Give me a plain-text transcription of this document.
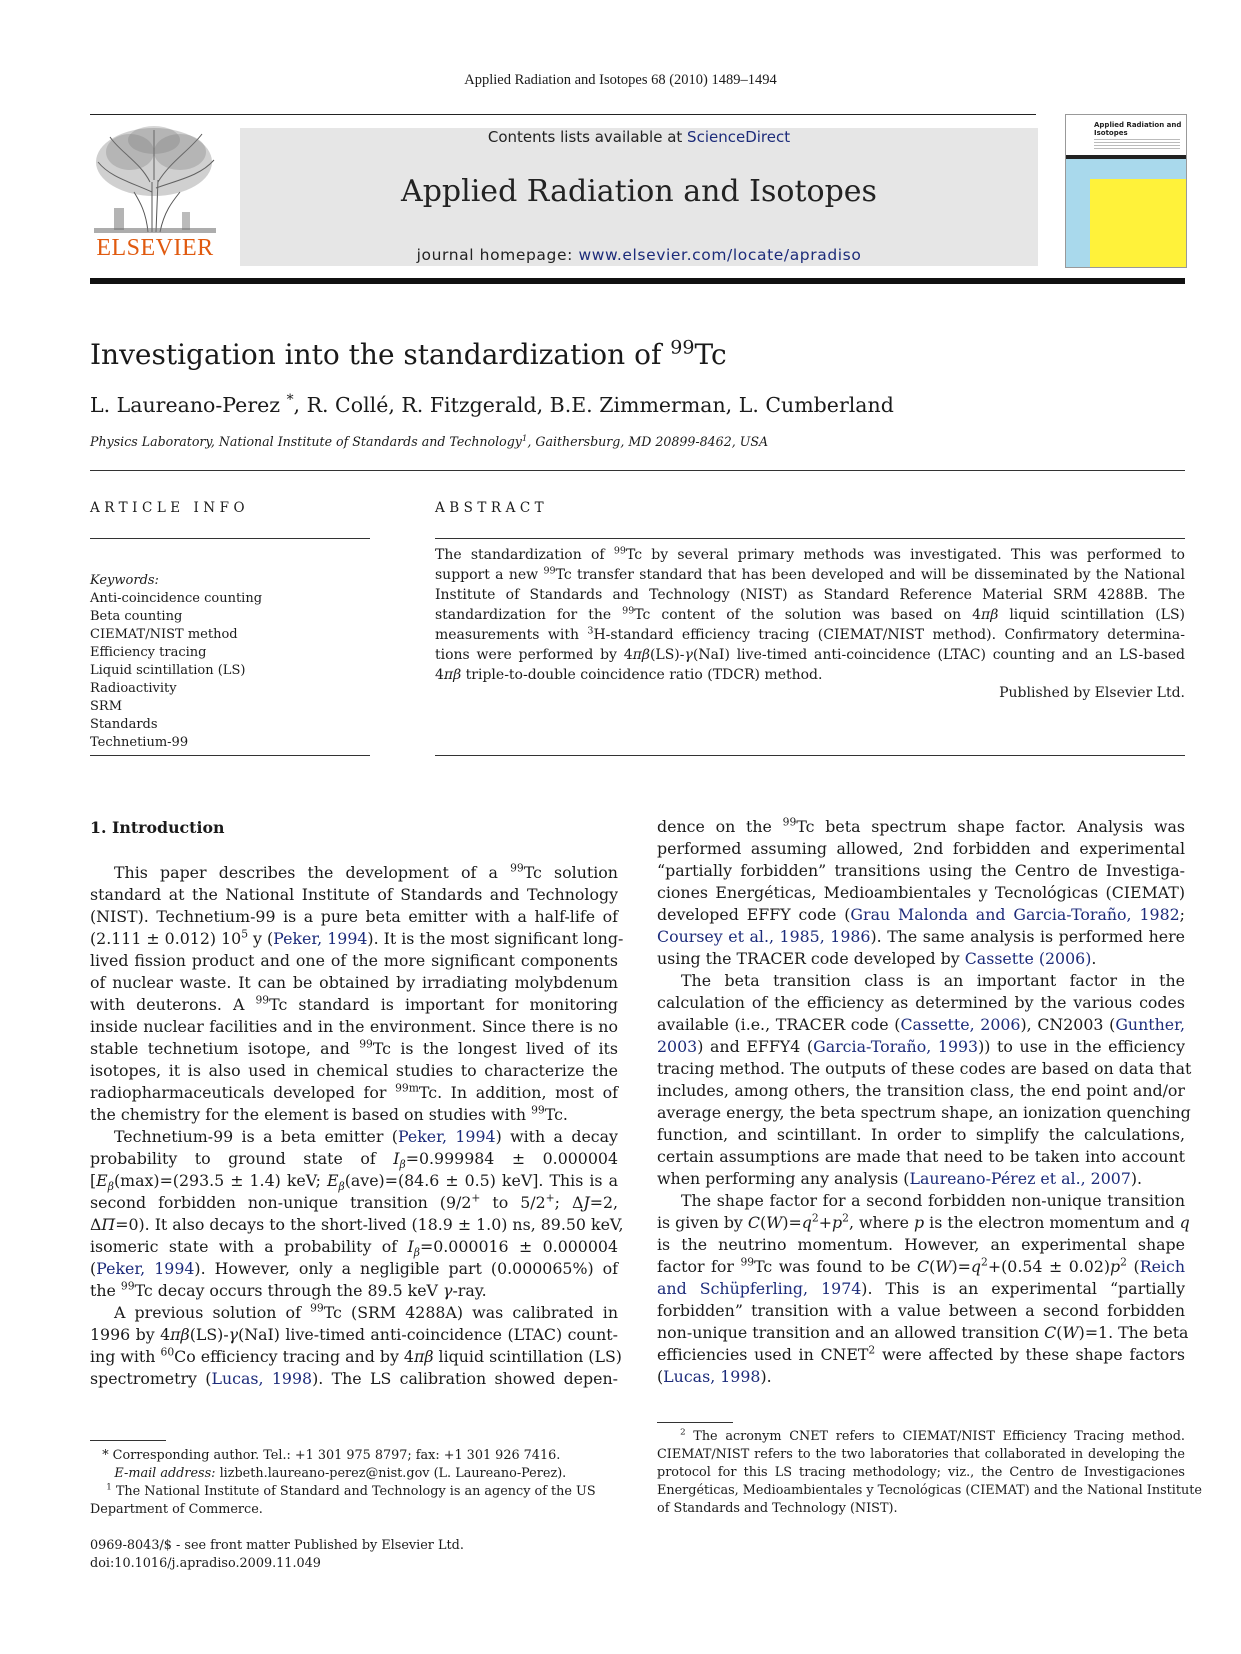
Applied Radiation and Isotopes 68 (2010) 1489–1494
ELSEVIER
Contents lists available at ScienceDirect
Applied Radiation and Isotopes
journal homepage: www.elsevier.com/locate/apradiso
Applied Radiation and Isotopes
Investigation into the standardization of $^{99}$Tc
L. Laureano-Perez *, R. Collé, R. Fitzgerald, B.E. Zimmerman, L. Cumberland
Physics Laboratory, National Institute of Standards and Technology$^1$, Gaithersburg, MD 20899-8462, USA
ARTICLE INFO
Keywords:
Anti-coincidence counting
Beta counting
CIEMAT/NIST method
Efficiency tracing
Liquid scintillation (LS)
Radioactivity
SRM
Standards
Technetium-99
ABSTRACT
The standardization of $^{99}$Tc by several primary methods was investigated. This was performed to
support a new $^{99}$Tc transfer standard that has been developed and will be disseminated by the National
Institute of Standards and Technology (NIST) as Standard Reference Material SRM 4288B. The
standardization for the $^{99}$Tc content of the solution was based on 4πβ liquid scintillation (LS)
measurements with $^3$H-standard efficiency tracing (CIEMAT/NIST method). Confirmatory determina-
tions were performed by 4πβ(LS)-γ(NaI) live-timed anti-coincidence (LTAC) counting and an LS-based
4πβ triple-to-double coincidence ratio (TDCR) method.
Published by Elsevier Ltd.
1. Introduction
This paper describes the development of a $^{99}$Tc solution
standard at the National Institute of Standards and Technology
(NIST). Technetium-99 is a pure beta emitter with a half-life of
(2.111 ± 0.012) $10^5$ y (Peker, 1994). It is the most significant long-
lived fission product and one of the more significant components
of nuclear waste. It can be obtained by irradiating molybdenum
with deuterons. A $^{99}$Tc standard is important for monitoring
inside nuclear facilities and in the environment. Since there is no
stable technetium isotope, and $^{99}$Tc is the longest lived of its
isotopes, it is also used in chemical studies to characterize the
radiopharmaceuticals developed for $^{99m}$Tc. In addition, most of
the chemistry for the element is based on studies with $^{99}$Tc.
Technetium-99 is a beta emitter (Peker, 1994) with a decay
probability to ground state of $I_\beta=0.999984 \pm 0.000004$
[$E_\beta(\max)=(293.5 \pm 1.4)$ keV; $E_\beta(ave)=(84.6 \pm 0.5)$ keV]. This is a
second forbidden non-unique transition (9/2+ to 5/2+; ΔJ=2,
ΔΠ=0). It also decays to the short-lived (18.9 ± 1.0) ns, 89.50 keV,
isomeric state with a probability of $I_\beta=0.000016 \pm 0.000004$
(Peker, 1994). However, only a negligible part (0.000065%) of
the $^{99}$Tc decay occurs through the 89.5 keV γ-ray.
A previous solution of $^{99}$Tc (SRM 4288A) was calibrated in
1996 by 4πβ(LS)-γ(NaI) live-timed anti-coincidence (LTAC) count-
ing with $^{60}$Co efficiency tracing and by 4πβ liquid scintillation (LS)
spectrometry (Lucas, 1998). The LS calibration showed depen-
dence on the $^{99}$Tc beta spectrum shape factor. Analysis was
performed assuming allowed, 2nd forbidden and experimental
“partially forbidden” transitions using the Centro de Investiga-
ciones Energéticas, Medioambientales y Tecnológicas (CIEMAT)
developed EFFY code (Grau Malonda and Garcia-Toraño, 1982;
Coursey et al., 1985, 1986). The same analysis is performed here
using the TRACER code developed by Cassette (2006).
The beta transition class is an important factor in the
calculation of the efficiency as determined by the various codes
available (i.e., TRACER code (Cassette, 2006), CN2003 (Gunther,
2003) and EFFY4 (Garcia-Toraño, 1993)) to use in the efficiency
tracing method. The outputs of these codes are based on data that
includes, among others, the transition class, the end point and/or
average energy, the beta spectrum shape, an ionization quenching
function, and scintillant. In order to simplify the calculations,
certain assumptions are made that need to be taken into account
when performing any analysis (Laureano-Pérez et al., 2007).
The shape factor for a second forbidden non-unique transition
is given by $C(W)=q^2+p^2$, where p is the electron momentum and q
is the neutrino momentum. However, an experimental shape
factor for $^{99}$Tc was found to be $C(W)=q^2+(0.54 \pm 0.02)p^2$ (Reich
and Schüpferling, 1974). This is an experimental “partially
forbidden” transition with a value between a second forbidden
non-unique transition and an allowed transition C(W)=1. The beta
efficiencies used in CNET$^2$ were affected by these shape factors
(Lucas, 1998).
* Corresponding author. Tel.: +1 301 975 8797; fax: +1 301 926 7416.
E-mail address: lizbeth.laureano-perez@nist.gov (L. Laureano-Perez).
$^1$ The National Institute of Standard and Technology is an agency of the US
Department of Commerce.
$^2$ The acronym CNET refers to CIEMAT/NIST Efficiency Tracing method.
CIEMAT/NIST refers to the two laboratories that collaborated in developing the
protocol for this LS tracing methodology; viz., the Centro de Investigaciones
Energéticas, Medioambientales y Tecnológicas (CIEMAT) and the National Institute
of Standards and Technology (NIST).
0969-8043/$ - see front matter Published by Elsevier Ltd.
doi:10.1016/j.apradiso.2009.11.049
